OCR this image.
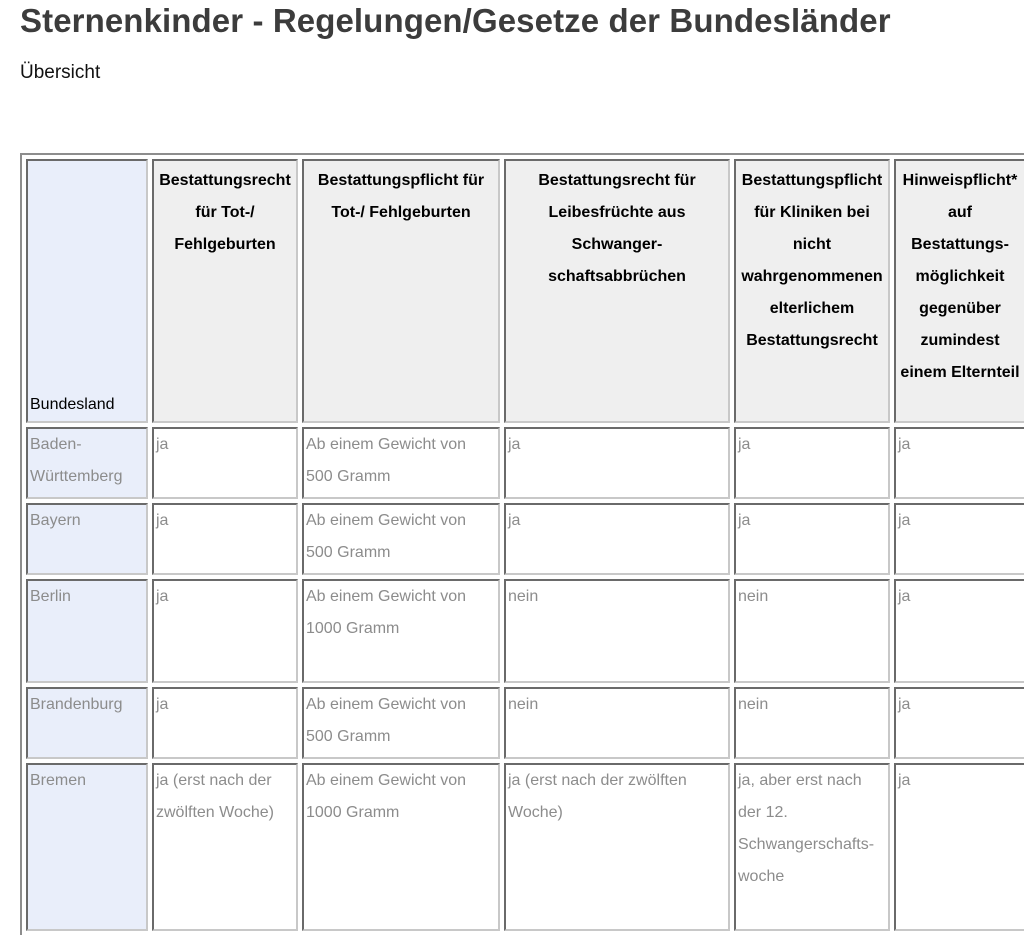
Sternenkinder - Regelungen/Gesetze der Bundesländer

Übersicht

Bundesland	Bestattungsrecht für Tot-/ Fehlgeburten	Bestattungspflicht für Tot-/ Fehlgeburten	Bestattungsrecht für Leibesfrüchte aus Schwanger-schaftsabbrüchen	Bestattungspflicht für Kliniken bei nicht wahrgenommenen elterlichem Bestattungsrecht	Hinweispflicht* auf Bestattungs-möglichkeit gegenüber zumindest einem Elternteil
Baden-Württemberg	ja	Ab einem Gewicht von 500 Gramm	ja	ja	ja
Bayern	ja	Ab einem Gewicht von 500 Gramm	ja	ja	ja
Berlin	ja	Ab einem Gewicht von 1000 Gramm	nein	nein	ja
Brandenburg	ja	Ab einem Gewicht von 500 Gramm	nein	nein	ja
Bremen	ja (erst nach der zwölften Woche)	Ab einem Gewicht von 1000 Gramm	ja (erst nach der zwölften Woche)	ja, aber erst nach der 12. Schwangerschafts-woche	ja
